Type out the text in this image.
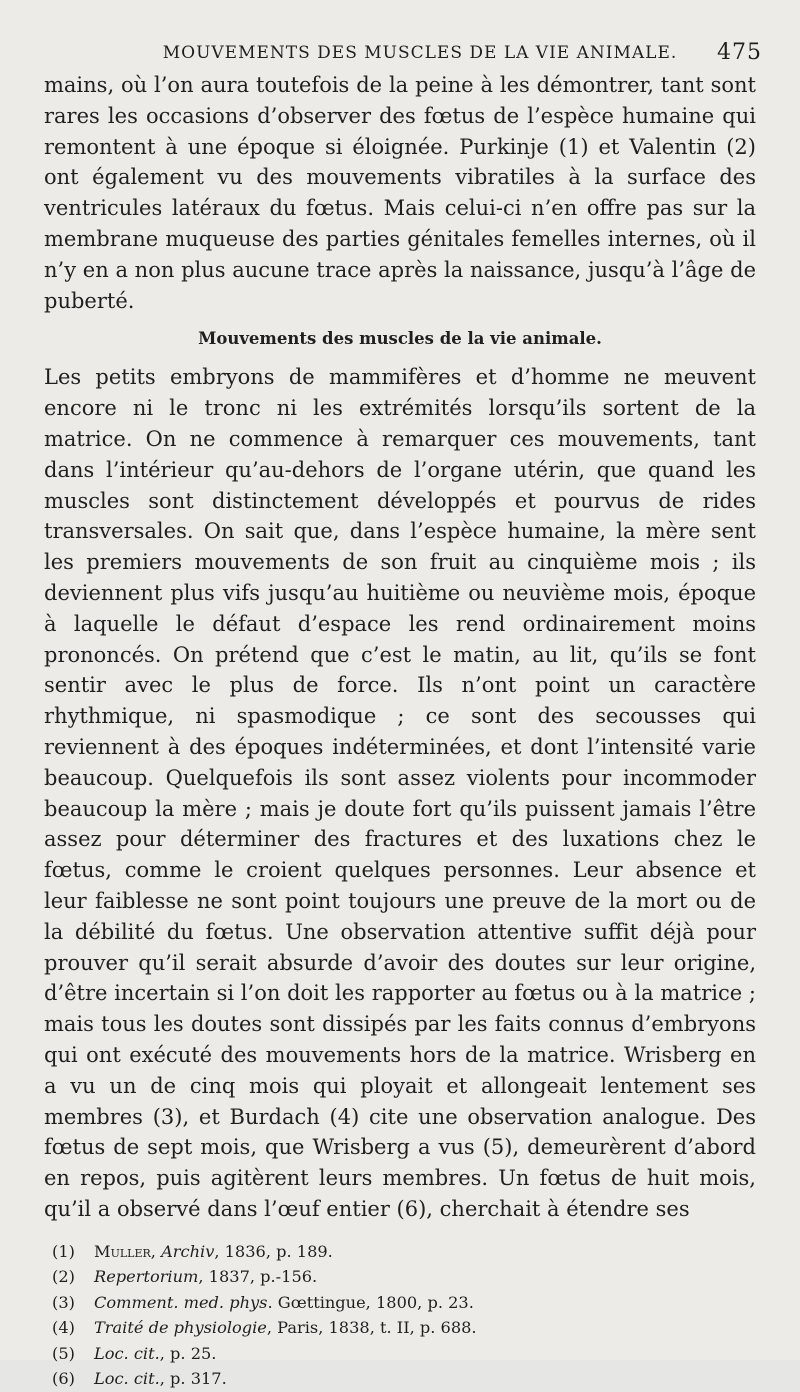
MOUVEMENTS DES MUSCLES DE LA VIE ANIMALE. 475

mains, où l’on aura toutefois de la peine à les démontrer, tant sont rares les occasions d’observer des fœtus de l’espèce humaine qui remontent à une époque si éloignée. Purkinje (1) et Valentin (2) ont également vu des mouvements vibratiles à la surface des ventricules latéraux du fœtus. Mais celui-ci n’en offre pas sur la membrane muqueuse des parties génitales femelles internes, où il n’y en a non plus aucune trace après la naissance, jusqu’à l’âge de puberté.

Mouvements des muscles de la vie animale.

Les petits embryons de mammifères et d’homme ne meuvent encore ni le tronc ni les extrémités lorsqu’ils sortent de la matrice. On ne commence à remarquer ces mouvements, tant dans l’intérieur qu’au-dehors de l’organe utérin, que quand les muscles sont distinctement développés et pourvus de rides transversales. On sait que, dans l’espèce humaine, la mère sent les premiers mouvements de son fruit au cinquième mois ; ils deviennent plus vifs jusqu’au huitième ou neuvième mois, époque à laquelle le défaut d’espace les rend ordinairement moins prononcés. On prétend que c’est le matin, au lit, qu’ils se font sentir avec le plus de force. Ils n’ont point un caractère rhythmique, ni spasmodique ; ce sont des secousses qui reviennent à des époques indéterminées, et dont l’intensité varie beaucoup. Quelquefois ils sont assez violents pour incommoder beaucoup la mère ; mais je doute fort qu’ils puissent jamais l’être assez pour déterminer des fractures et des luxations chez le fœtus, comme le croient quelques personnes. Leur absence et leur faiblesse ne sont point toujours une preuve de la mort ou de la débilité du fœtus. Une observation attentive suffit déjà pour prouver qu’il serait absurde d’avoir des doutes sur leur origine, d’être incertain si l’on doit les rapporter au fœtus ou à la matrice ; mais tous les doutes sont dissipés par les faits connus d’embryons qui ont exécuté des mouvements hors de la matrice. Wrisberg en a vu un de cinq mois qui ployait et allongeait lentement ses membres (3), et Burdach (4) cite une observation analogue. Des fœtus de sept mois, que Wrisberg a vus (5), demeurèrent d’abord en repos, puis agitèrent leurs membres. Un fœtus de huit mois, qu’il a observé dans l’œuf entier (6), cherchait à étendre ses

(1)	Muller, Archiv, 1836, p. 189.
(2)	Repertorium, 1837, p.-156.
(3)	Comment. med. phys. Gœttingue, 1800, p. 23.
(4)	Traité de physiologie, Paris, 1838, t. II, p. 688.
(5)	Loc. cit., p. 25.
(6)	Loc. cit., p. 317.
